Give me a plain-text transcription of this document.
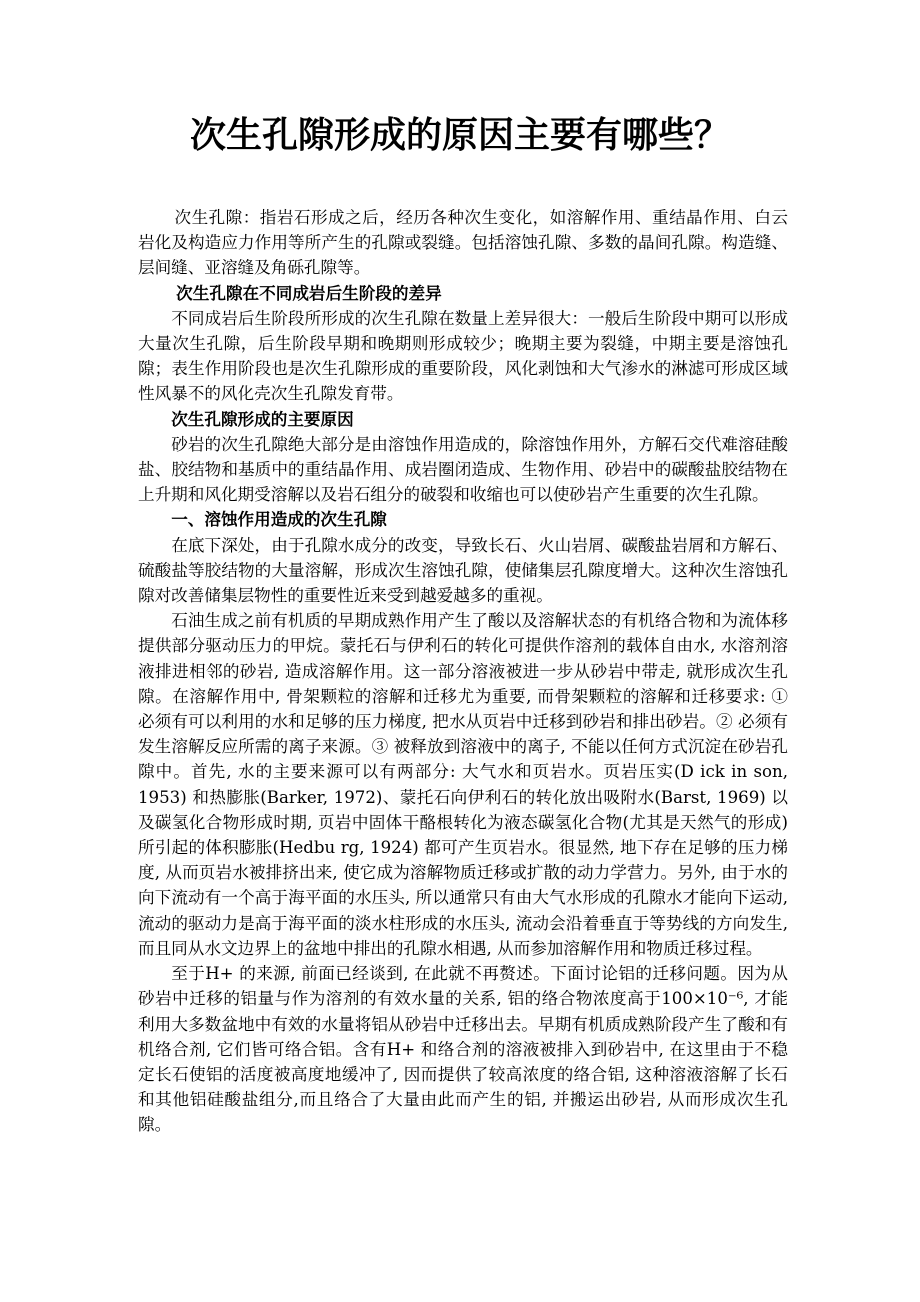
次生孔隙形成的原因主要有哪些？

次生孔隙：指岩石形成之后，经历各种次生变化，如溶解作用、重结晶作用、白云岩化及构造应力作用等所产生的孔隙或裂缝。包括溶蚀孔隙、多数的晶间孔隙。构造缝、层间缝、亚溶缝及角砾孔隙等。

次生孔隙在不同成岩后生阶段的差异

不同成岩后生阶段所形成的次生孔隙在数量上差异很大：一般后生阶段中期可以形成大量次生孔隙，后生阶段早期和晚期则形成较少；晚期主要为裂缝，中期主要是溶蚀孔隙；表生作用阶段也是次生孔隙形成的重要阶段，风化剥蚀和大气渗水的淋滤可形成区域性风暴不的风化壳次生孔隙发育带。

次生孔隙形成的主要原因

砂岩的次生孔隙绝大部分是由溶蚀作用造成的，除溶蚀作用外，方解石交代难溶硅酸盐、胶结物和基质中的重结晶作用、成岩圈闭造成、生物作用、砂岩中的碳酸盐胶结物在上升期和风化期受溶解以及岩石组分的破裂和收缩也可以使砂岩产生重要的次生孔隙。

一、溶蚀作用造成的次生孔隙

在底下深处，由于孔隙水成分的改变，导致长石、火山岩屑、碳酸盐岩屑和方解石、硫酸盐等胶结物的大量溶解，形成次生溶蚀孔隙，使储集层孔隙度增大。这种次生溶蚀孔隙对改善储集层物性的重要性近来受到越爱越多的重视。

石油生成之前有机质的早期成熟作用产生了酸以及溶解状态的有机络合物和为流体移提供部分驱动压力的甲烷。蒙托石与伊利石的转化可提供作溶剂的载体自由水, 水溶剂溶液排进相邻的砂岩, 造成溶解作用。这一部分溶液被进一步从砂岩中带走, 就形成次生孔隙。在溶解作用中, 骨架颗粒的溶解和迁移尤为重要, 而骨架颗粒的溶解和迁移要求: ① 必须有可以利用的水和足够的压力梯度, 把水从页岩中迁移到砂岩和排出砂岩。② 必须有发生溶解反应所需的离子来源。③ 被释放到溶液中的离子, 不能以任何方式沉淀在砂岩孔隙中。首先, 水的主要来源可以有两部分: 大气水和页岩水。页岩压实(D ick in son, 1953) 和热膨胀(Barker, 1972)、蒙托石向伊利石的转化放出吸附水(Barst, 1969) 以及碳氢化合物形成时期, 页岩中固体干酪根转化为液态碳氢化合物(尤其是天然气的形成) 所引起的体积膨胀(Hedbu rg, 1924) 都可产生页岩水。很显然, 地下存在足够的压力梯度, 从而页岩水被排挤出来, 使它成为溶解物质迁移或扩散的动力学营力。另外, 由于水的向下流动有一个高于海平面的水压头, 所以通常只有由大气水形成的孔隙水才能向下运动, 流动的驱动力是高于海平面的淡水柱形成的水压头, 流动会沿着垂直于等势线的方向发生, 而且同从水文边界上的盆地中排出的孔隙水相遇, 从而参加溶解作用和物质迁移过程。

至于H+ 的来源, 前面已经谈到, 在此就不再赘述。下面讨论铝的迁移问题。因为从砂岩中迁移的铝量与作为溶剂的有效水量的关系, 铝的络合物浓度高于100×10⁻⁶, 才能利用大多数盆地中有效的水量将铝从砂岩中迁移出去。早期有机质成熟阶段产生了酸和有机络合剂, 它们皆可络合铝。含有H+ 和络合剂的溶液被排入到砂岩中, 在这里由于不稳定长石使铝的活度被高度地缓冲了, 因而提供了较高浓度的络合铝, 这种溶液溶解了长石和其他铝硅酸盐组分,而且络合了大量由此而产生的铝, 并搬运出砂岩, 从而形成次生孔隙。
